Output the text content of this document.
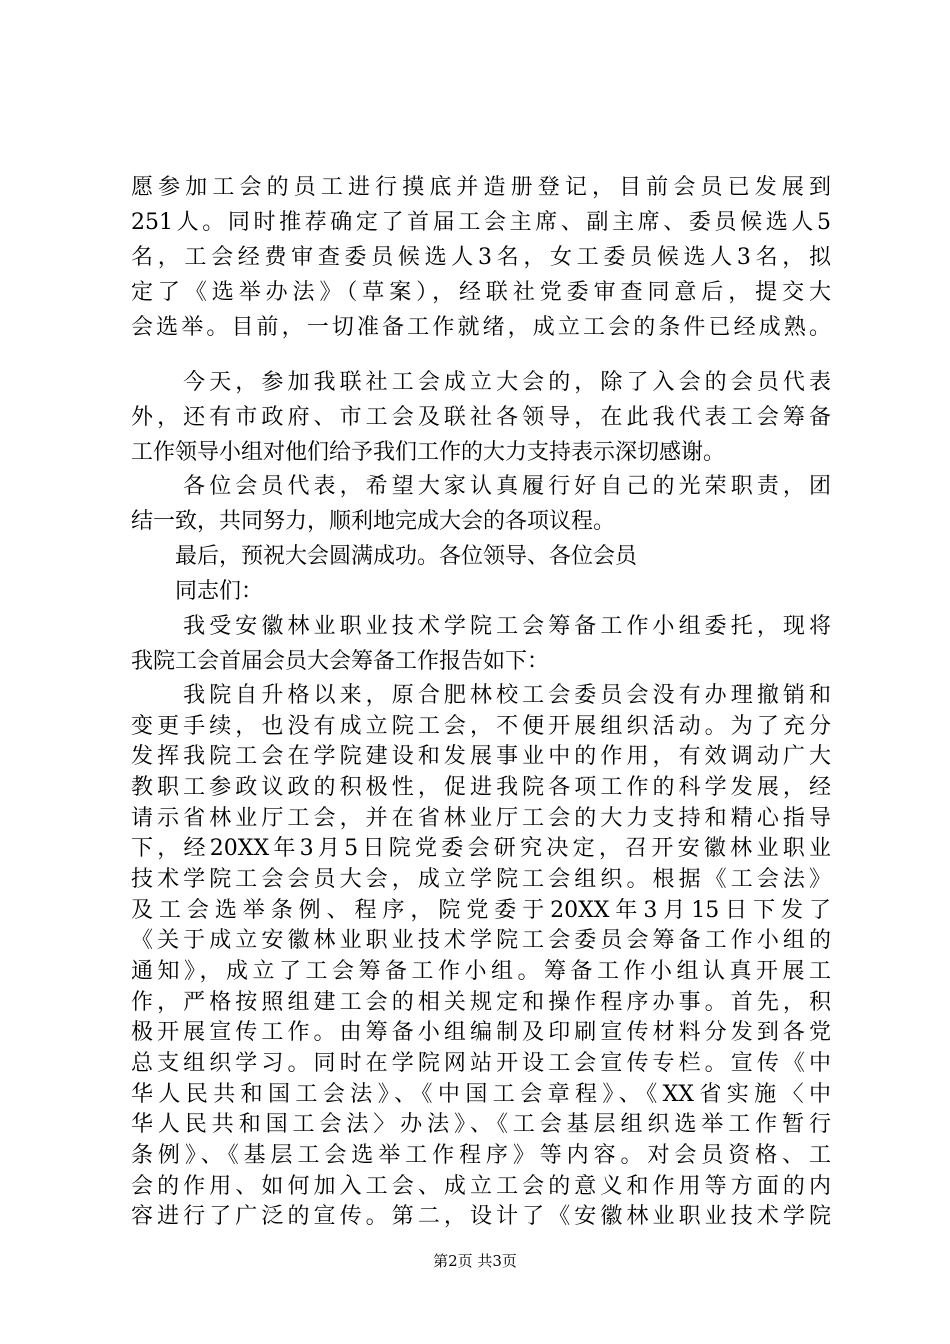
愿参加工会的员工进行摸底并造册登记，目前会员已发展到
251人。同时推荐确定了首届工会主席、副主席、委员候选人5
名，工会经费审查委员候选人3名，女工委员候选人3名，拟
定了《选举办法》（草案），经联社党委审查同意后，提交大
会选举。目前，一切准备工作就绪，成立工会的条件已经成熟。
　　今天，参加我联社工会成立大会的，除了入会的会员代表
外，还有市政府、市工会及联社各领导，在此我代表工会筹备
工作领导小组对他们给予我们工作的大力支持表示深切感谢。
　　各位会员代表，希望大家认真履行好自己的光荣职责，团
结一致，共同努力，顺利地完成大会的各项议程。
　　最后，预祝大会圆满成功。各位领导、各位会员
　　同志们：
　　我受安徽林业职业技术学院工会筹备工作小组委托，现将
我院工会首届会员大会筹备工作报告如下：
　　我院自升格以来，原合肥林校工会委员会没有办理撤销和
变更手续，也没有成立院工会，不便开展组织活动。为了充分
发挥我院工会在学院建设和发展事业中的作用，有效调动广大
教职工参政议政的积极性，促进我院各项工作的科学发展，经
请示省林业厅工会，并在省林业厅工会的大力支持和精心指导
下，经20XX年3月5日院党委会研究决定，召开安徽林业职业
技术学院工会会员大会，成立学院工会组织。根据《工会法》
及工会选举条例、程序，院党委于20XX年3月15日下发了
《关于成立安徽林业职业技术学院工会委员会筹备工作小组的
通知》，成立了工会筹备工作小组。筹备工作小组认真开展工
作，严格按照组建工会的相关规定和操作程序办事。首先，积
极开展宣传工作。由筹备小组编制及印刷宣传材料分发到各党
总支组织学习。同时在学院网站开设工会宣传专栏。宣传《中
华人民共和国工会法》、《中国工会章程》、《XX省实施〈中
华人民共和国工会法〉办法》、《工会基层组织选举工作暂行
条例》、《基层工会选举工作程序》等内容。对会员资格、工
第2页 共3页
会的作用、如何加入工会、成立工会的意义和作用等方面的内
容进行了广泛的宣传。第二，设计了《安徽林业职业技术学院
